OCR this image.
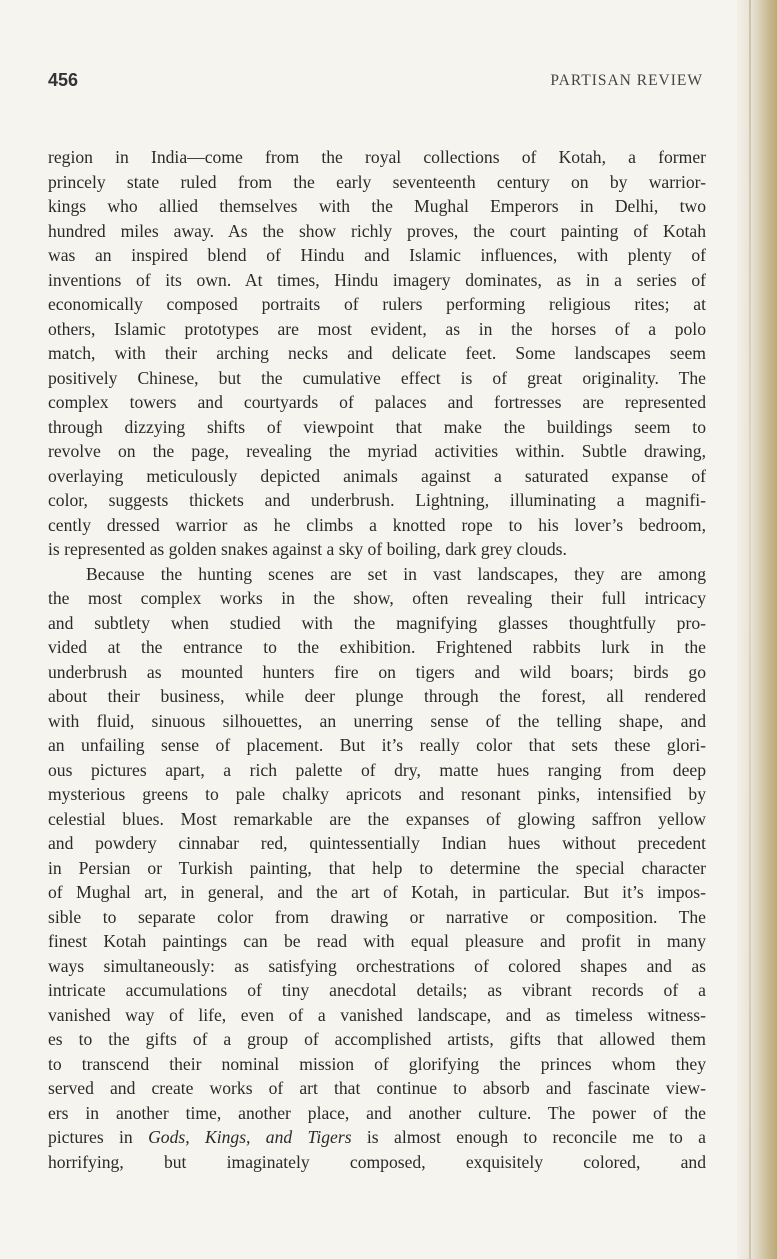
456	PARTISAN REVIEW
region in India—come from the royal collections of Kotah, a former
princely state ruled from the early seventeenth century on by warrior-
kings who allied themselves with the Mughal Emperors in Delhi, two
hundred miles away. As the show richly proves, the court painting of Kotah
was an inspired blend of Hindu and Islamic influences, with plenty of
inventions of its own. At times, Hindu imagery dominates, as in a series of
economically composed portraits of rulers performing religious rites; at
others, Islamic prototypes are most evident, as in the horses of a polo
match, with their arching necks and delicate feet. Some landscapes seem
positively Chinese, but the cumulative effect is of great originality. The
complex towers and courtyards of palaces and fortresses are represented
through dizzying shifts of viewpoint that make the buildings seem to
revolve on the page, revealing the myriad activities within. Subtle drawing,
overlaying meticulously depicted animals against a saturated expanse of
color, suggests thickets and underbrush. Lightning, illuminating a magnifi-
cently dressed warrior as he climbs a knotted rope to his lover’s bedroom,
is represented as golden snakes against a sky of boiling, dark grey clouds.
Because the hunting scenes are set in vast landscapes, they are among
the most complex works in the show, often revealing their full intricacy
and subtlety when studied with the magnifying glasses thoughtfully pro-
vided at the entrance to the exhibition. Frightened rabbits lurk in the
underbrush as mounted hunters fire on tigers and wild boars; birds go
about their business, while deer plunge through the forest, all rendered
with fluid, sinuous silhouettes, an unerring sense of the telling shape, and
an unfailing sense of placement. But it’s really color that sets these glori-
ous pictures apart, a rich palette of dry, matte hues ranging from deep
mysterious greens to pale chalky apricots and resonant pinks, intensified by
celestial blues. Most remarkable are the expanses of glowing saffron yellow
and powdery cinnabar red, quintessentially Indian hues without precedent
in Persian or Turkish painting, that help to determine the special character
of Mughal art, in general, and the art of Kotah, in particular. But it’s impos-
sible to separate color from drawing or narrative or composition. The
finest Kotah paintings can be read with equal pleasure and profit in many
ways simultaneously: as satisfying orchestrations of colored shapes and as
intricate accumulations of tiny anecdotal details; as vibrant records of a
vanished way of life, even of a vanished landscape, and as timeless witness-
es to the gifts of a group of accomplished artists, gifts that allowed them
to transcend their nominal mission of glorifying the princes whom they
served and create works of art that continue to absorb and fascinate view-
ers in another time, another place, and another culture. The power of the
pictures in Gods, Kings, and Tigers is almost enough to reconcile me to a
horrifying, but imaginately composed, exquisitely colored, and
